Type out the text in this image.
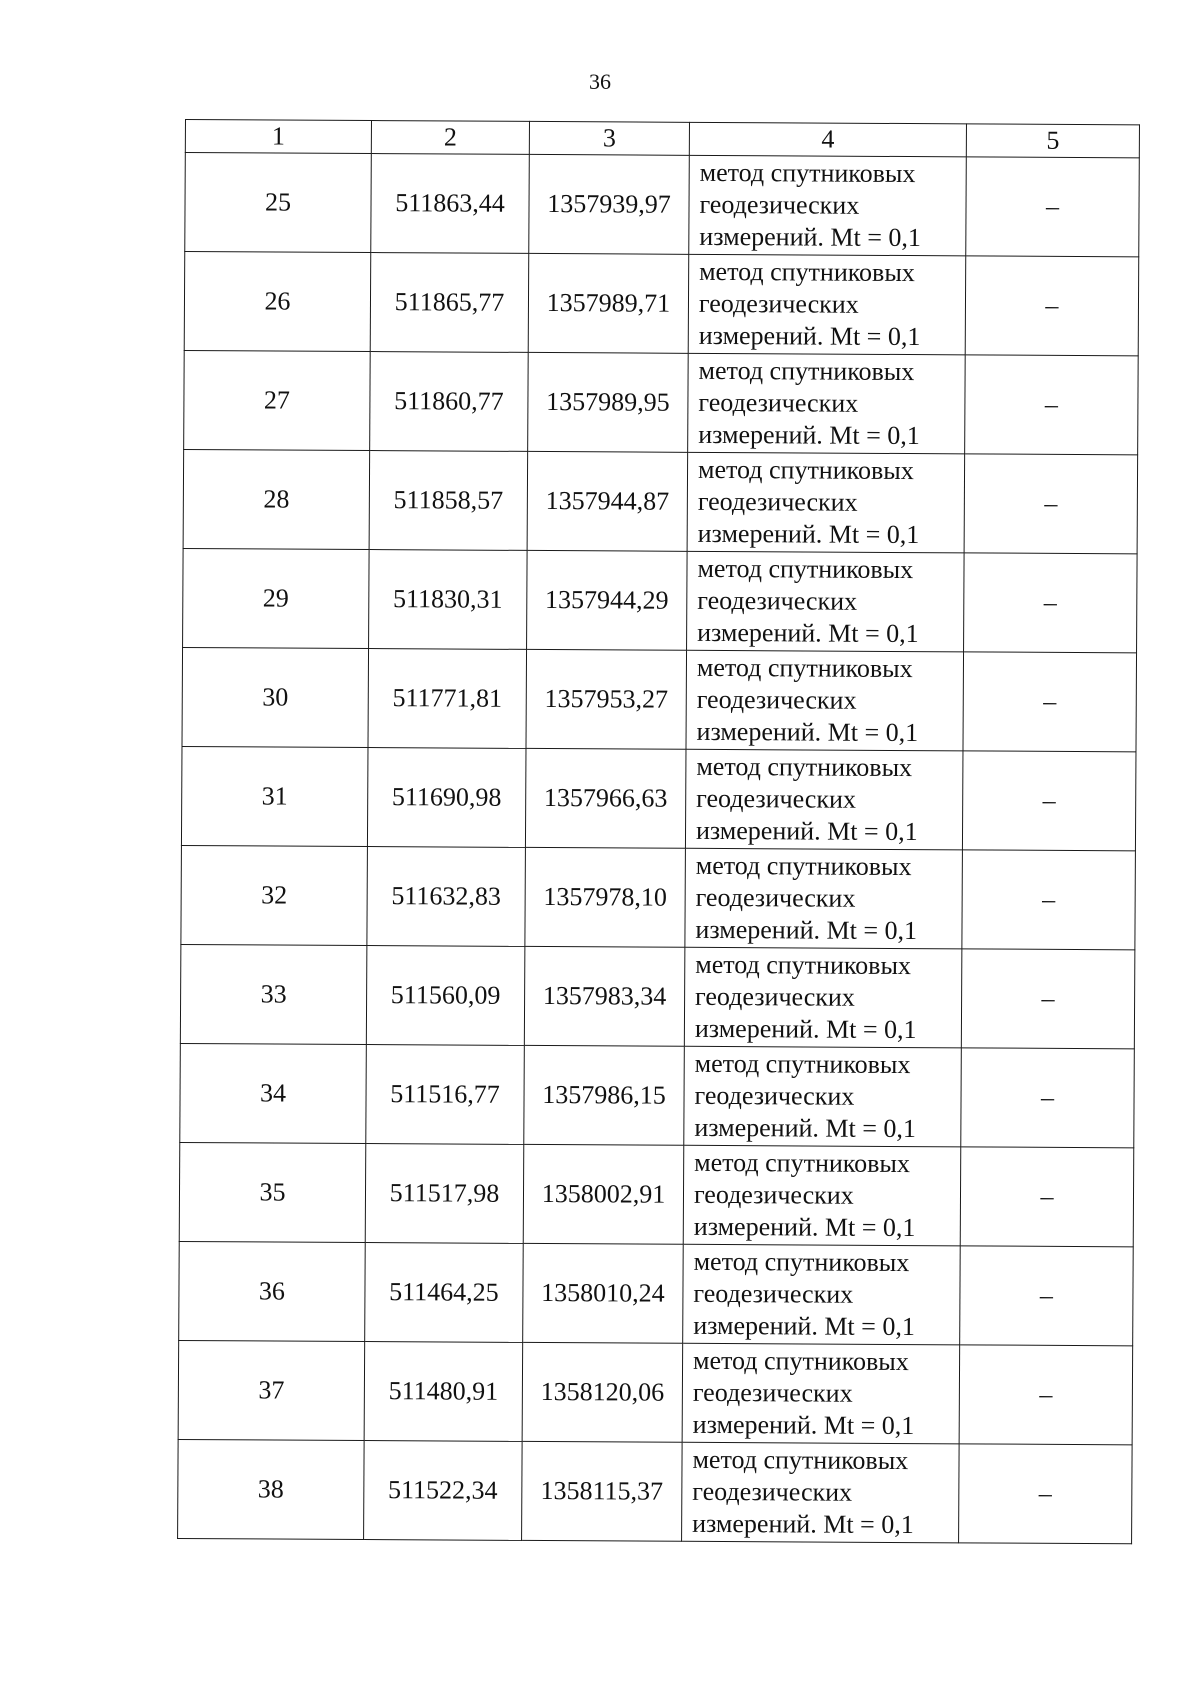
36
1	2	3	4	5
25	511863,44	1357939,97	метод спутниковых
геодезических
измерений. Mt = 0,1	–
26	511865,77	1357989,71	метод спутниковых
геодезических
измерений. Mt = 0,1	–
27	511860,77	1357989,95	метод спутниковых
геодезических
измерений. Mt = 0,1	–
28	511858,57	1357944,87	метод спутниковых
геодезических
измерений. Mt = 0,1	–
29	511830,31	1357944,29	метод спутниковых
геодезических
измерений. Mt = 0,1	–
30	511771,81	1357953,27	метод спутниковых
геодезических
измерений. Mt = 0,1	–
31	511690,98	1357966,63	метод спутниковых
геодезических
измерений. Mt = 0,1	–
32	511632,83	1357978,10	метод спутниковых
геодезических
измерений. Mt = 0,1	–
33	511560,09	1357983,34	метод спутниковых
геодезических
измерений. Mt = 0,1	–
34	511516,77	1357986,15	метод спутниковых
геодезических
измерений. Mt = 0,1	–
35	511517,98	1358002,91	метод спутниковых
геодезических
измерений. Mt = 0,1	–
36	511464,25	1358010,24	метод спутниковых
геодезических
измерений. Mt = 0,1	–
37	511480,91	1358120,06	метод спутниковых
геодезических
измерений. Mt = 0,1	–
38	511522,34	1358115,37	метод спутниковых
геодезических
измерений. Mt = 0,1	–
